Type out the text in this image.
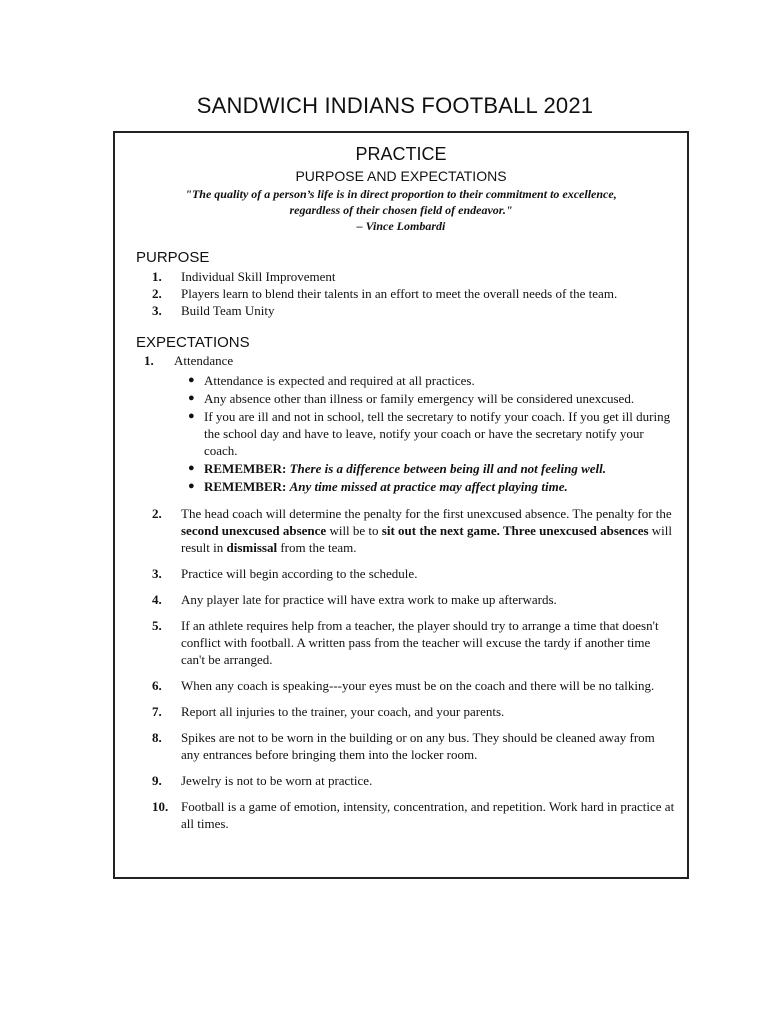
SANDWICH INDIANS FOOTBALL 2021
PRACTICE
PURPOSE AND EXPECTATIONS
"The quality of a person’s life is in direct proportion to their commitment to excellence,
regardless of their chosen field of endeavor."
– Vince Lombardi
PURPOSE
1. Individual Skill Improvement
2. Players learn to blend their talents in an effort to meet the overall needs of the team.
3. Build Team Unity
EXPECTATIONS
1. Attendance
● Attendance is expected and required at all practices.
● Any absence other than illness or family emergency will be considered unexcused.
● If you are ill and not in school, tell the secretary to notify your coach. If you get ill during the school day and have to leave, notify your coach or have the secretary notify your coach.
● REMEMBER: There is a difference between being ill and not feeling well.
● REMEMBER: Any time missed at practice may affect playing time.
2. The head coach will determine the penalty for the first unexcused absence. The penalty for the second unexcused absence will be to sit out the next game. Three unexcused absences will result in dismissal from the team.
3. Practice will begin according to the schedule.
4. Any player late for practice will have extra work to make up afterwards.
5. If an athlete requires help from a teacher, the player should try to arrange a time that doesn't conflict with football. A written pass from the teacher will excuse the tardy if another time can't be arranged.
6. When any coach is speaking---your eyes must be on the coach and there will be no talking.
7. Report all injuries to the trainer, your coach, and your parents.
8. Spikes are not to be worn in the building or on any bus. They should be cleaned away from any entrances before bringing them into the locker room.
9. Jewelry is not to be worn at practice.
10. Football is a game of emotion, intensity, concentration, and repetition. Work hard in practice at all times.
